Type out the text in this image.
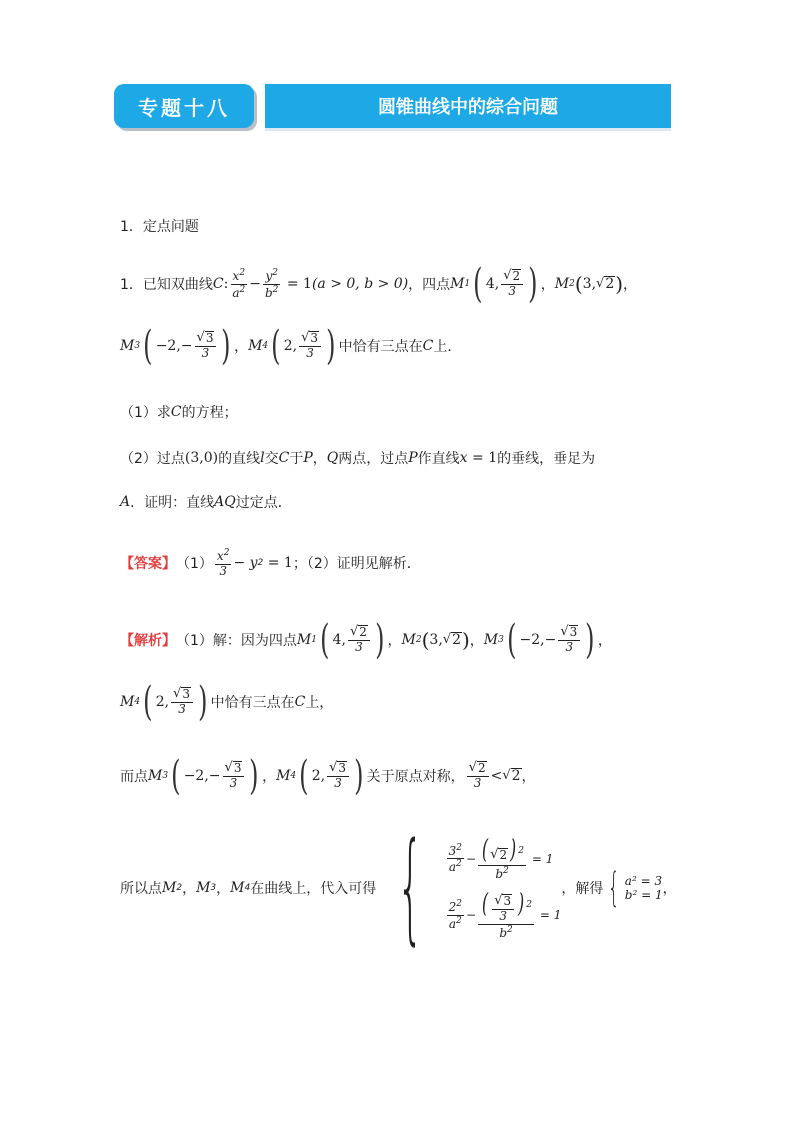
专题十八	圆锥曲线中的综合问题
1．定点问题
1． 已知双曲线 C : $\frac{x^2}{a^2} - \frac{y^2}{b^2} = 1$ (a > 0, b > 0) ，四点 M 1 ( 4, $\frac{√ 2}{3}$ ) ， M 2 ( 3, √ 2 ) ，
M 3 ( $-2,- \frac{√ 3}{3}$ ) ， M 4 ( 2, $\frac{√ 3}{3}$ ) 中恰有三点在 C 上．
（1）求 C 的方程；
（2）过点 (3,0) 的直线 l 交 C 于 P ， Q 两点，过点 P 作直线 x = 1 的垂线，垂足为
A ．证明：直线 AQ 过定点．
【答案】 $(1) \frac{x^2}{3} - y$ 2 = 1 ；（2）证明见解析．
【解析】 （1）解：因为四点 M 1 ( 4, $\frac{√ 2}{3}$ ) ， M 2 ( 3, √ 2 ) ， M 3 ( $-2,- \frac{√ 3}{3}$ ) ，
M 4 ( 2, $\frac{√ 3}{3}$ ) 中恰有三点在 C 上，
而点 M 3 ( $-2,- \frac{√ 3}{3}$ ) ， M 4 ( 2, $\frac{√ 3}{3}$ ) 关于原点对称， $\frac{√ 2}{3}$ < √ 2 ，
所以点 M 2 ， M 3 ， M 4 在曲线上，代入可得 { $\frac{3^2}{a^2} - \frac{( √ 2 ) ^2}{b^2} = 1$
$\frac{2^2}{a^2} - \frac{( \frac{√ 3}{3} ) ^2}{b^2} = 1$
，解得 { a² = 3
b² = 1 ，
